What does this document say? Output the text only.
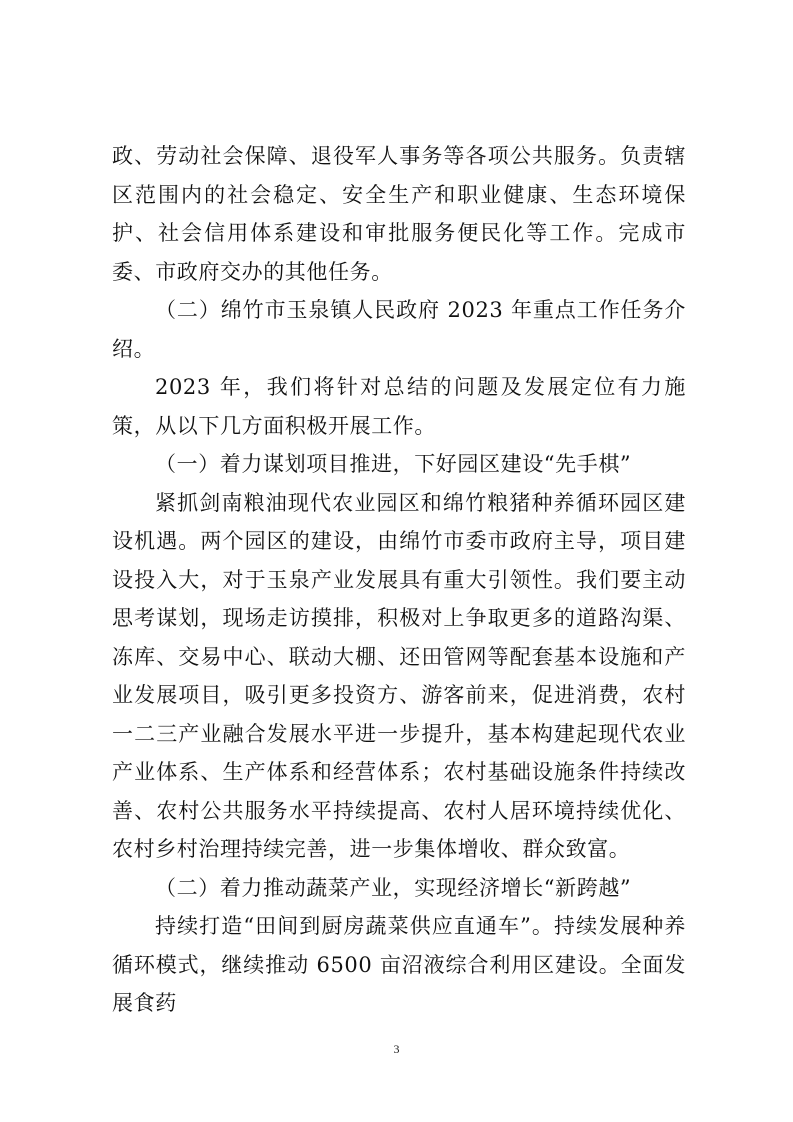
政、劳动社会保障、退役军人事务等各项公共服务。负责辖区范围内的社会稳定、安全生产和职业健康、生态环境保护、社会信用体系建设和审批服务便民化等工作。完成市委、市政府交办的其他任务。

（二）绵竹市玉泉镇人民政府 2023 年重点工作任务介绍。

2023 年，我们将针对总结的问题及发展定位有力施策，从以下几方面积极开展工作。

（一）着力谋划项目推进，下好园区建设“先手棋”

紧抓剑南粮油现代农业园区和绵竹粮猪种养循环园区建设机遇。两个园区的建设，由绵竹市委市政府主导，项目建设投入大，对于玉泉产业发展具有重大引领性。我们要主动思考谋划，现场走访摸排，积极对上争取更多的道路沟渠、冻库、交易中心、联动大棚、还田管网等配套基本设施和产业发展项目，吸引更多投资方、游客前来，促进消费，农村一二三产业融合发展水平进一步提升，基本构建起现代农业产业体系、生产体系和经营体系；农村基础设施条件持续改善、农村公共服务水平持续提高、农村人居环境持续优化、农村乡村治理持续完善，进一步集体增收、群众致富。

（二）着力推动蔬菜产业，实现经济增长“新跨越”

持续打造“田间到厨房蔬菜供应直通车”。持续发展种养循环模式，继续推动 6500 亩沼液综合利用区建设。全面发展食药

3
